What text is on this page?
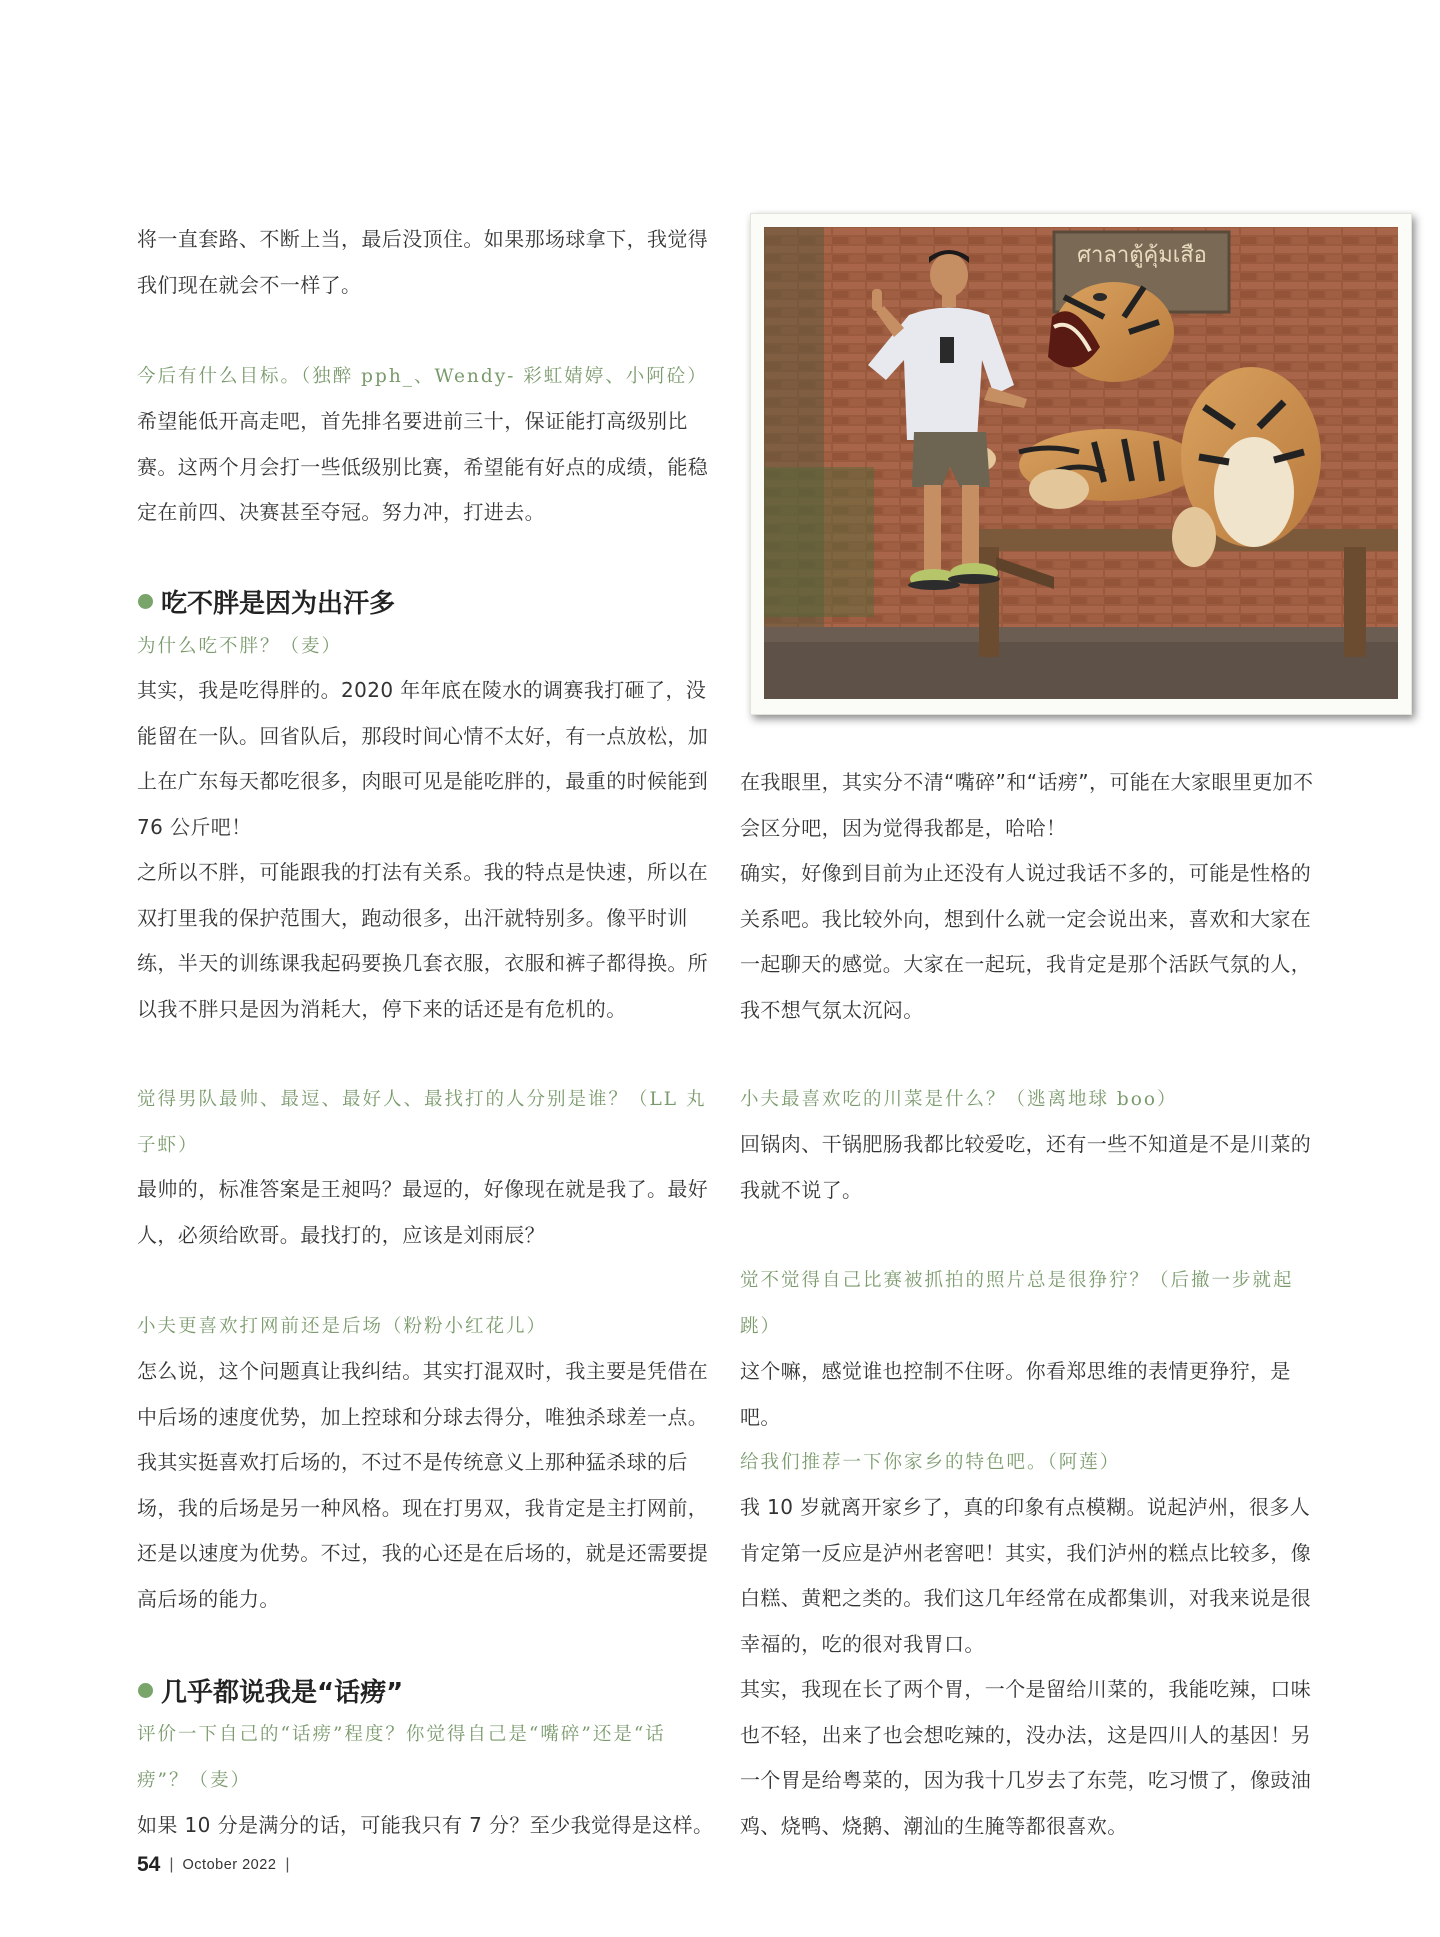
将一直套路、不断上当，最后没顶住。如果那场球拿下，我觉得我们现在就会不一样了。

今后有什么目标。（独醉 pph_、Wendy- 彩虹婧婷、小阿砼）

希望能低开高走吧，首先排名要进前三十，保证能打高级别比赛。这两个月会打一些低级别比赛，希望能有好点的成绩，能稳定在前四、决赛甚至夺冠。努力冲，打进去。

吃不胖是因为出汗多

为什么吃不胖？（麦）

其实，我是吃得胖的。2020 年年底在陵水的调赛我打砸了，没能留在一队。回省队后，那段时间心情不太好，有一点放松，加上在广东每天都吃很多，肉眼可见是能吃胖的，最重的时候能到 76 公斤吧！

之所以不胖，可能跟我的打法有关系。我的特点是快速，所以在双打里我的保护范围大，跑动很多，出汗就特别多。像平时训练，半天的训练课我起码要换几套衣服，衣服和裤子都得换。所以我不胖只是因为消耗大，停下来的话还是有危机的。

觉得男队最帅、最逗、最好人、最找打的人分别是谁？（LL 丸子虾）

最帅的，标准答案是王昶吗？最逗的，好像现在就是我了。最好人，必须给欧哥。最找打的，应该是刘雨辰？

小夫更喜欢打网前还是后场（粉粉小红花儿）

怎么说，这个问题真让我纠结。其实打混双时，我主要是凭借在中后场的速度优势，加上控球和分球去得分，唯独杀球差一点。我其实挺喜欢打后场的，不过不是传统意义上那种猛杀球的后场，我的后场是另一种风格。现在打男双，我肯定是主打网前，还是以速度为优势。不过，我的心还是在后场的，就是还需要提高后场的能力。

几乎都说我是“话痨”

评价一下自己的“话痨”程度？你觉得自己是“嘴碎”还是“话痨”？（麦）

如果 10 分是满分的话，可能我只有 7 分？至少我觉得是这样。

ศาลาตู้คุ้มเสือ

在我眼里，其实分不清“嘴碎”和“话痨”，可能在大家眼里更加不会区分吧，因为觉得我都是，哈哈！

确实，好像到目前为止还没有人说过我话不多的，可能是性格的关系吧。我比较外向，想到什么就一定会说出来，喜欢和大家在一起聊天的感觉。大家在一起玩，我肯定是那个活跃气氛的人，我不想气氛太沉闷。

小夫最喜欢吃的川菜是什么？（逃离地球 boo）

回锅肉、干锅肥肠我都比较爱吃，还有一些不知道是不是川菜的我就不说了。

觉不觉得自己比赛被抓拍的照片总是很狰狞？（后撤一步就起跳）

这个嘛，感觉谁也控制不住呀。你看郑思维的表情更狰狞，是吧。

给我们推荐一下你家乡的特色吧。（阿莲）

我 10 岁就离开家乡了，真的印象有点模糊。说起泸州，很多人肯定第一反应是泸州老窖吧！其实，我们泸州的糕点比较多，像白糕、黄粑之类的。我们这几年经常在成都集训，对我来说是很幸福的，吃的很对我胃口。

其实，我现在长了两个胃，一个是留给川菜的，我能吃辣，口味也不轻，出来了也会想吃辣的，没办法，这是四川人的基因！另一个胃是给粤菜的，因为我十几岁去了东莞，吃习惯了，像豉油鸡、烧鸭、烧鹅、潮汕的生腌等都很喜欢。

54 | October 2022 |
